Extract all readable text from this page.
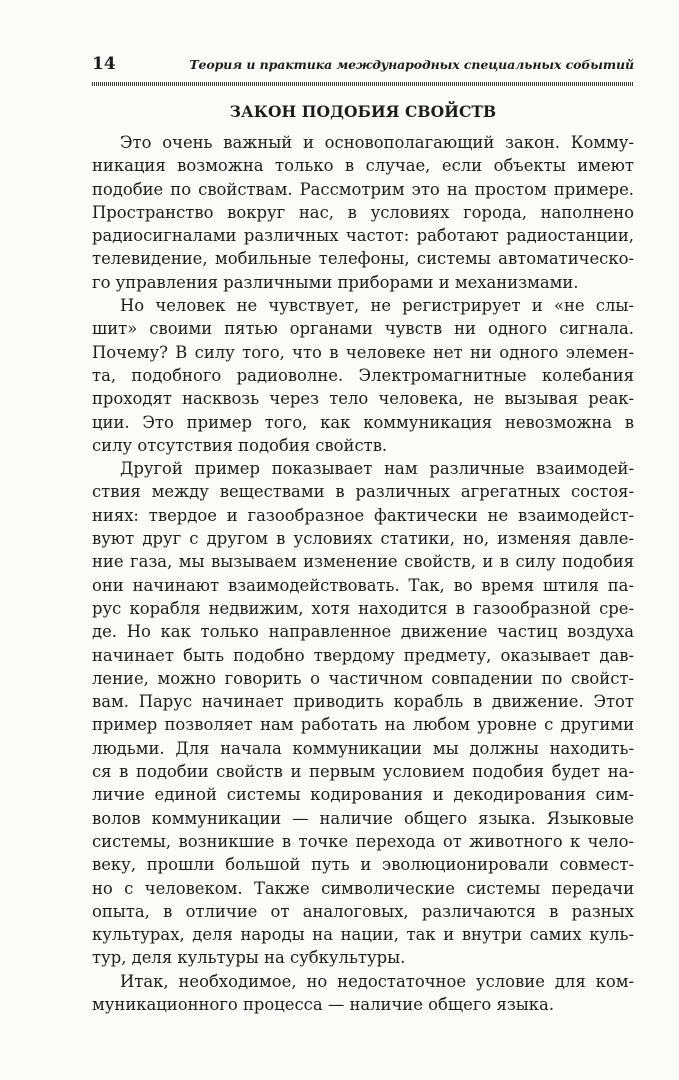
14	Теория и практика международных специальных событий
ЗАКОН ПОДОБИЯ СВОЙСТВ
Это очень важный и основополагающий закон. Комму-
никация возможна только в случае, если объекты имеют
подобие по свойствам. Рассмотрим это на простом примере.
Пространство вокруг нас, в условиях города, наполнено
радиосигналами различных частот: работают радиостанции,
телевидение, мобильные телефоны, системы автоматическо-
го управления различными приборами и механизмами.
Но человек не чувствует, не регистрирует и «не слы-
шит» своими пятью органами чувств ни одного сигнала.
Почему? В силу того, что в человеке нет ни одного элемен-
та, подобного радиоволне. Электромагнитные колебания
проходят насквозь через тело человека, не вызывая реак-
ции. Это пример того, как коммуникация невозможна в
силу отсутствия подобия свойств.
Другой пример показывает нам различные взаимодей-
ствия между веществами в различных агрегатных состоя-
ниях: твердое и газообразное фактически не взаимодейст-
вуют друг с другом в условиях статики, но, изменяя давле-
ние газа, мы вызываем изменение свойств, и в силу подобия
они начинают взаимодействовать. Так, во время штиля па-
рус корабля недвижим, хотя находится в газообразной сре-
де. Но как только направленное движение частиц воздуха
начинает быть подобно твердому предмету, оказывает дав-
ление, можно говорить о частичном совпадении по свойст-
вам. Парус начинает приводить корабль в движение. Этот
пример позволяет нам работать на любом уровне с другими
людьми. Для начала коммуникации мы должны находить-
ся в подобии свойств и первым условием подобия будет на-
личие единой системы кодирования и декодирования сим-
волов коммуникации — наличие общего языка. Языковые
системы, возникшие в точке перехода от животного к чело-
веку, прошли большой путь и эволюционировали совмест-
но с человеком. Также символические системы передачи
опыта, в отличие от аналоговых, различаются в разных
культурах, деля народы на нации, так и внутри самих куль-
тур, деля культуры на субкультуры.
Итак, необходимое, но недостаточное условие для ком-
муникационного процесса — наличие общего языка.
